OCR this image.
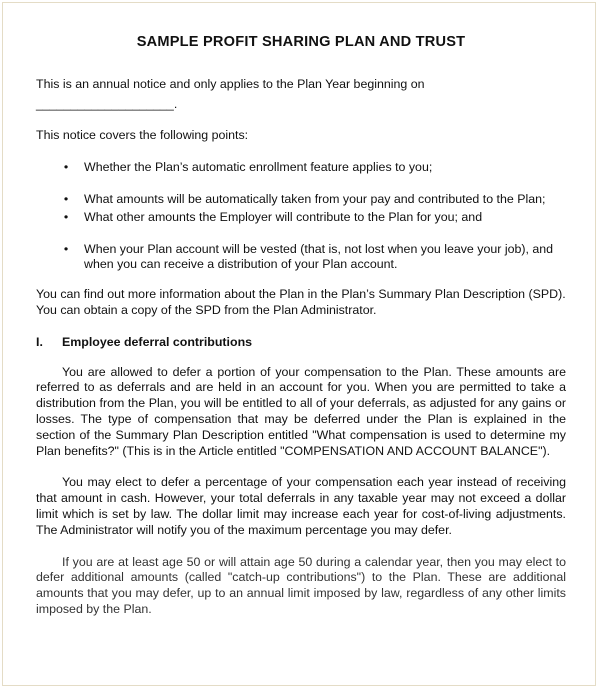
SAMPLE PROFIT SHARING PLAN AND TRUST

This is an annual notice and only applies to the Plan Year beginning on

____________________.

This notice covers the following points:

•	Whether the Plan’s automatic enrollment feature applies to you;
•	What amounts will be automatically taken from your pay and contributed to the Plan;
•	What other amounts the Employer will contribute to the Plan for you; and
•	When your Plan account will be vested (that is, not lost when you leave your job), and when you can receive a distribution of your Plan account.

You can find out more information about the Plan in the Plan’s Summary Plan Description (SPD). You can obtain a copy of the SPD from the Plan Administrator.

I. Employee deferral contributions

You are allowed to defer a portion of your compensation to the Plan. These amounts are referred to as deferrals and are held in an account for you. When you are permitted to take a distribution from the Plan, you will be entitled to all of your deferrals, as adjusted for any gains or losses. The type of compensation that may be deferred under the Plan is explained in the section of the Summary Plan Description entitled "What compensation is used to determine my Plan benefits?" (This is in the Article entitled "COMPENSATION AND ACCOUNT BALANCE").

You may elect to defer a percentage of your compensation each year instead of receiving that amount in cash. However, your total deferrals in any taxable year may not exceed a dollar limit which is set by law. The dollar limit may increase each year for cost-of-living adjustments. The Administrator will notify you of the maximum percentage you may defer.

If you are at least age 50 or will attain age 50 during a calendar year, then you may elect to defer additional amounts (called "catch-up contributions") to the Plan. These are additional amounts that you may defer, up to an annual limit imposed by law, regardless of any other limits imposed by the Plan.
